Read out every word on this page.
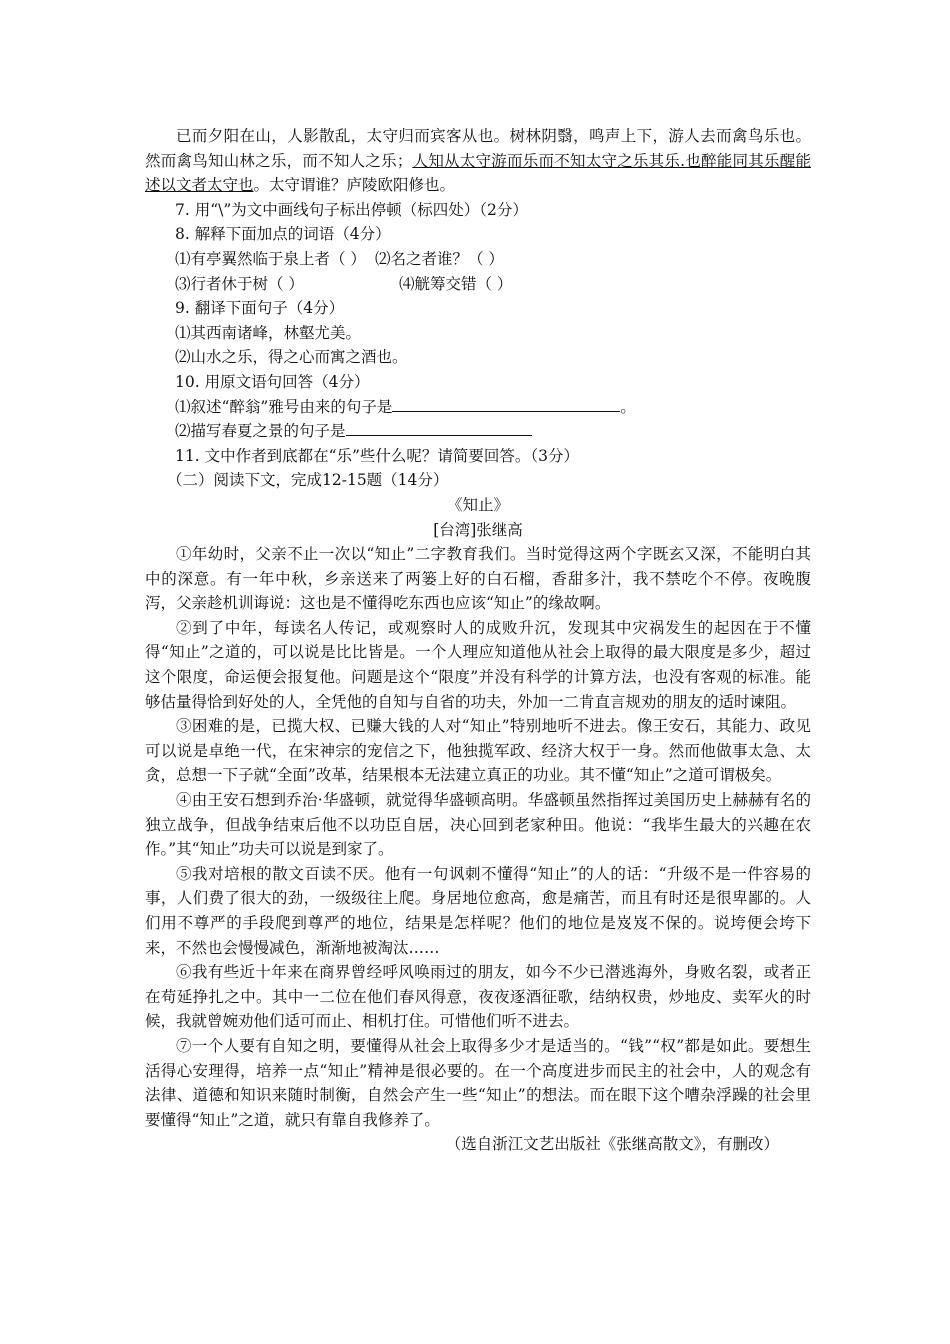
已而夕阳在山，人影散乱，太守归而宾客从也。树林阴翳，鸣声上下，游人去而禽鸟乐也。然而禽鸟知山林之乐，而不知人之乐；人知从太守游而乐而不知太守之乐其乐.也醉能同其乐醒能述以文者太守也。太守谓谁？庐陵欧阳修也。

7. 用“\”为文中画线句子标出停顿（标四处）（2分）

8. 解释下面加点的词语（4分）

⑴有亭翼然临于泉上者（ ） ⑵名之者谁？（ ）

⑶行者休于树（ ）	⑷觥筹交错（ ）

9. 翻译下面句子（4分）

⑴其西南诸峰，林壑尤美。

⑵山水之乐，得之心而寓之酒也。

10. 用原文语句回答（4分）

⑴叙述“醉翁”雅号由来的句子是	。

⑵描写春夏之景的句子是

11. 文中作者到底都在“乐”些什么呢？请简要回答。（3分）

（二）阅读下文，完成12-15题（14分）

《知止》

[台湾]张继高

①年幼时，父亲不止一次以“知止”二字教育我们。当时觉得这两个字既玄又深，不能明白其中的深意。有一年中秋，乡亲送来了两篓上好的白石榴，香甜多汁，我不禁吃个不停。夜晚腹泻，父亲趁机训诲说：这也是不懂得吃东西也应该“知止”的缘故啊。

②到了中年，每读名人传记，或观察时人的成败升沉，发现其中灾祸发生的起因在于不懂得“知止”之道的，可以说是比比皆是。一个人理应知道他从社会上取得的最大限度是多少，超过这个限度，命运便会报复他。问题是这个“限度”并没有科学的计算方法，也没有客观的标准。能够估量得恰到好处的人，全凭他的自知与自省的功夫，外加一二肯直言规劝的朋友的适时谏阻。

③困难的是，已揽大权、已赚大钱的人对“知止”特别地听不进去。像王安石，其能力、政见可以说是卓绝一代，在宋神宗的宠信之下，他独揽军政、经济大权于一身。然而他做事太急、太贪，总想一下子就“全面”改革，结果根本无法建立真正的功业。其不懂“知止”之道可谓极矣。

④由王安石想到乔治·华盛顿，就觉得华盛顿高明。华盛顿虽然指挥过美国历史上赫赫有名的独立战争，但战争结束后他不以功臣自居，决心回到老家种田。他说：“我毕生最大的兴趣在农作。”其“知止”功夫可以说是到家了。

⑤我对培根的散文百读不厌。他有一句讽刺不懂得“知止”的人的话：“升级不是一件容易的事，人们费了很大的劲，一级级往上爬。身居地位愈高，愈是痛苦，而且有时还是很卑鄙的。人们用不尊严的手段爬到尊严的地位，结果是怎样呢？他们的地位是岌岌不保的。说垮便会垮下来，不然也会慢慢减色，渐渐地被淘汰……

⑥我有些近十年来在商界曾经呼风唤雨过的朋友，如今不少已潜逃海外，身败名裂，或者正在苟延挣扎之中。其中一二位在他们春风得意，夜夜逐酒征歌，结纳权贵，炒地皮、卖军火的时候，我就曾婉劝他们适可而止、相机打住。可惜他们听不进去。

⑦一个人要有自知之明，要懂得从社会上取得多少才是适当的。“钱”“权”都是如此。要想生活得心安理得，培养一点“知止”精神是很必要的。在一个高度进步而民主的社会中，人的观念有法律、道德和知识来随时制衡，自然会产生一些“知止”的想法。而在眼下这个嘈杂浮躁的社会里要懂得“知止”之道，就只有靠自我修养了。

（选自浙江文艺出版社《张继高散文》，有删改）
